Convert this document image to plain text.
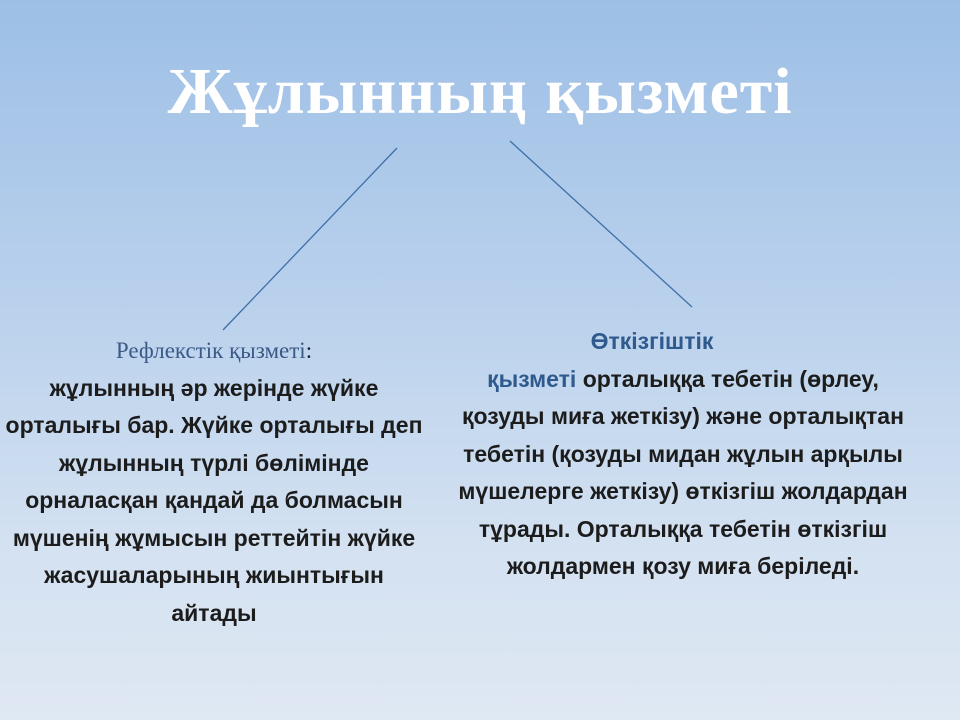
Жұлынның қызметі
Рефлекстік қызметі:
жұлынның әр жерінде жүйке орталығы бар. Жүйке орталығы деп жұлынның түрлі бөлімінде орналасқан қандай да болмасын мүшенің жұмысын реттейтін жүйке жасушаларының жиынтығын айтады
Өткізгіштік
қызметі орталыққа тебетін (өрлеу, қозуды миға жеткізу) және орталықтан тебетін (қозуды мидан жұлын арқылы мүшелерге жеткізу) өткізгіш жолдардан тұрады. Орталыққа тебетін өткізгіш жолдармен қозу миға беріледі.
